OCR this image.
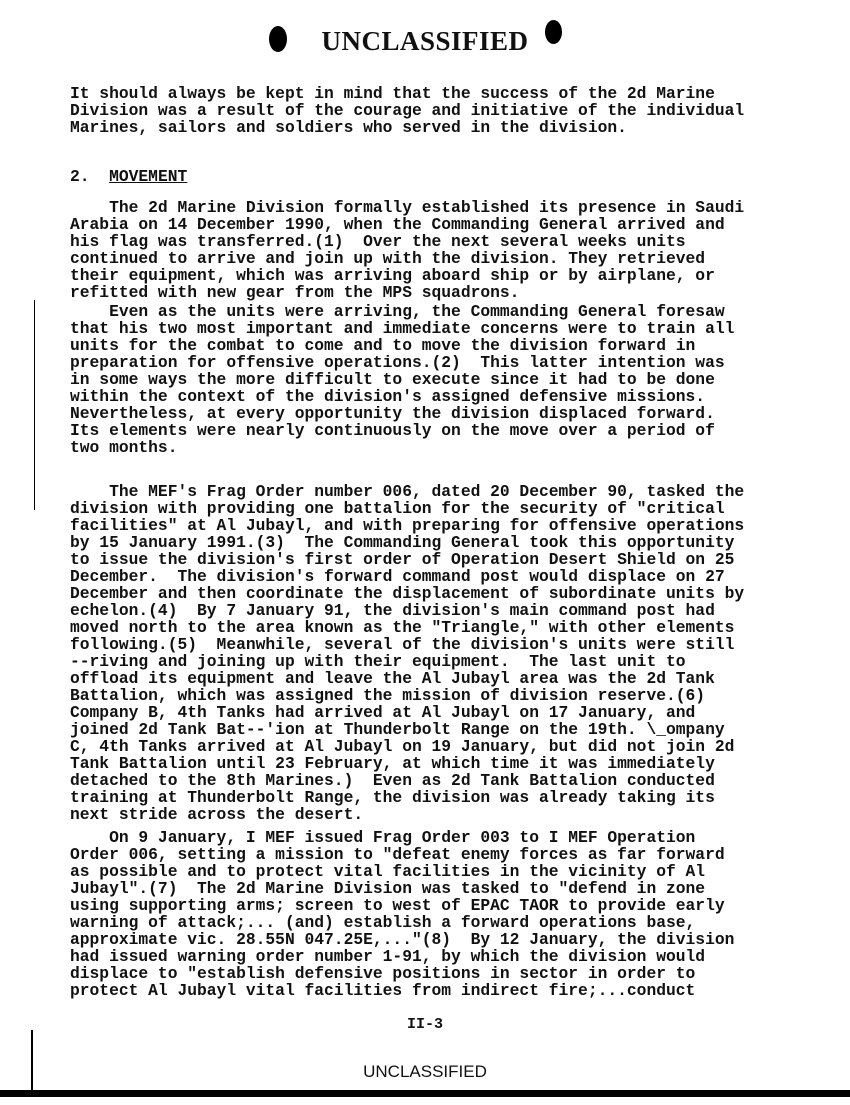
UNCLASSIFIED
It should always be kept in mind that the success of the 2d Marine
Division was a result of the courage and initiative of the individual
Marines, sailors and soldiers who served in the division.
2. MOVEMENT
The 2d Marine Division formally established its presence in Saudi
Arabia on 14 December 1990, when the Commanding General arrived and
his flag was transferred.(1)  Over the next several weeks units
continued to arrive and join up with the division. They retrieved
their equipment, which was arriving aboard ship or by airplane, or
refitted with new gear from the MPS squadrons.
Even as the units were arriving, the Commanding General foresaw
that his two most important and immediate concerns were to train all
units for the combat to come and to move the division forward in
preparation for offensive operations.(2)  This latter intention was
in some ways the more difficult to execute since it had to be done
within the context of the division's assigned defensive missions.
Nevertheless, at every opportunity the division displaced forward.
Its elements were nearly continuously on the move over a period of
two months.
The MEF's Frag Order number 006, dated 20 December 90, tasked the
division with providing one battalion for the security of "critical
facilities" at Al Jubayl, and with preparing for offensive operations
by 15 January 1991.(3)  The Commanding General took this opportunity
to issue the division's first order of Operation Desert Shield on 25
December.  The division's forward command post would displace on 27
December and then coordinate the displacement of subordinate units by
echelon.(4)  By 7 January 91, the division's main command post had
moved north to the area known as the "Triangle," with other elements
following.(5)  Meanwhile, several of the division's units were still
--riving and joining up with their equipment.  The last unit to
offload its equipment and leave the Al Jubayl area was the 2d Tank
Battalion, which was assigned the mission of division reserve.(6)
Company B, 4th Tanks had arrived at Al Jubayl on 17 January, and
joined 2d Tank Bat--'ion at Thunderbolt Range on the 19th. \_ompany
C, 4th Tanks arrived at Al Jubayl on 19 January, but did not join 2d
Tank Battalion until 23 February, at which time it was immediately
detached to the 8th Marines.)  Even as 2d Tank Battalion conducted
training at Thunderbolt Range, the division was already taking its
next stride across the desert.
On 9 January, I MEF issued Frag Order 003 to I MEF Operation
Order 006, setting a mission to "defeat enemy forces as far forward
as possible and to protect vital facilities in the vicinity of Al
Jubayl".(7)  The 2d Marine Division was tasked to "defend in zone
using supporting arms; screen to west of EPAC TAOR to provide early
warning of attack;... (and) establish a forward operations base,
approximate vic. 28.55N 047.25E,..."(8)  By 12 January, the division
had issued warning order number 1-91, by which the division would
displace to "establish defensive positions in sector in order to
protect Al Jubayl vital facilities from indirect fire;...conduct
II-3
UNCLASSIFIED
